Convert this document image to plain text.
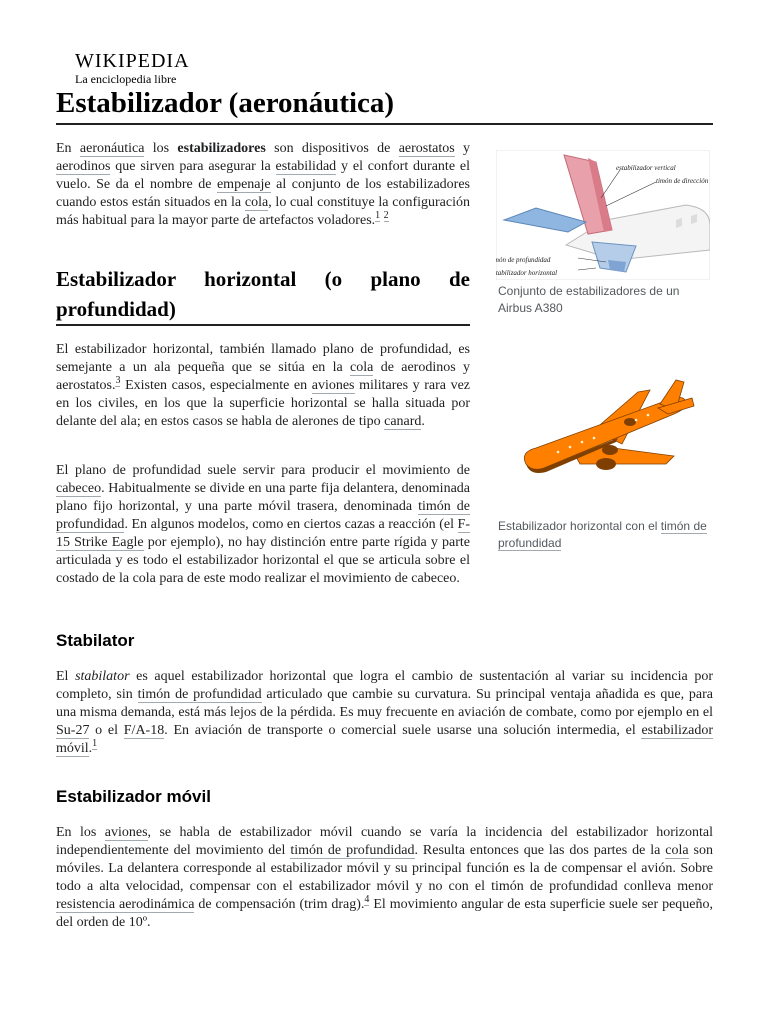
WIKIPEDIA
La enciclopedia libre
Estabilizador (aeronáutica)

En aeronáutica los estabilizadores son dispositivos de aerostatos y aerodinos que sirven para asegurar la estabilidad y el confort durante el vuelo. Se da el nombre de empenaje al conjunto de los estabilizadores cuando estos están situados en la cola, lo cual constituye la configuración más habitual para la mayor parte de artefactos voladores.$^1$ $^2$

estabilizador vertical
timón de dirección
timón de profundidad
estabilizador horizontal
Conjunto de estabilizadores de un Airbus A380
Estabilizador horizontal (o plano de profundidad)

El estabilizador horizontal, también llamado plano de profundidad, es semejante a un ala pequeña que se sitúa en la cola de aerodinos y aerostatos.$^3$ Existen casos, especialmente en aviones militares y rara vez en los civiles, en los que la superficie horizontal se halla situada por delante del ala; en estos casos se habla de alerones de tipo canard.

El plano de profundidad suele servir para producir el movimiento de cabeceo. Habitualmente se divide en una parte fija delantera, denominada plano fijo horizontal, y una parte móvil trasera, denominada timón de profundidad. En algunos modelos, como en ciertos cazas a reacción (el F-15 Strike Eagle por ejemplo), no hay distinción entre parte rígida y parte articulada y es todo el estabilizador horizontal el que se articula sobre el costado de la cola para de este modo realizar el movimiento de cabeceo.

Estabilizador horizontal con el timón de profundidad
Stabilator

El stabilator es aquel estabilizador horizontal que logra el cambio de sustentación al variar su incidencia por completo, sin timón de profundidad articulado que cambie su curvatura. Su principal ventaja añadida es que, para una misma demanda, está más lejos de la pérdida. Es muy frecuente en aviación de combate, como por ejemplo en el Su-27 o el F/A-18. En aviación de transporte o comercial suele usarse una solución intermedia, el estabilizador móvil.$^1$

Estabilizador móvil

En los aviones, se habla de estabilizador móvil cuando se varía la incidencia del estabilizador horizontal independientemente del movimiento del timón de profundidad. Resulta entonces que las dos partes de la cola son móviles. La delantera corresponde al estabilizador móvil y su principal función es la de compensar el avión. Sobre todo a alta velocidad, compensar con el estabilizador móvil y no con el timón de profundidad conlleva menor resistencia aerodinámica de compensación (trim drag).$^4$ El movimiento angular de esta superficie suele ser pequeño, del orden de 10º.
